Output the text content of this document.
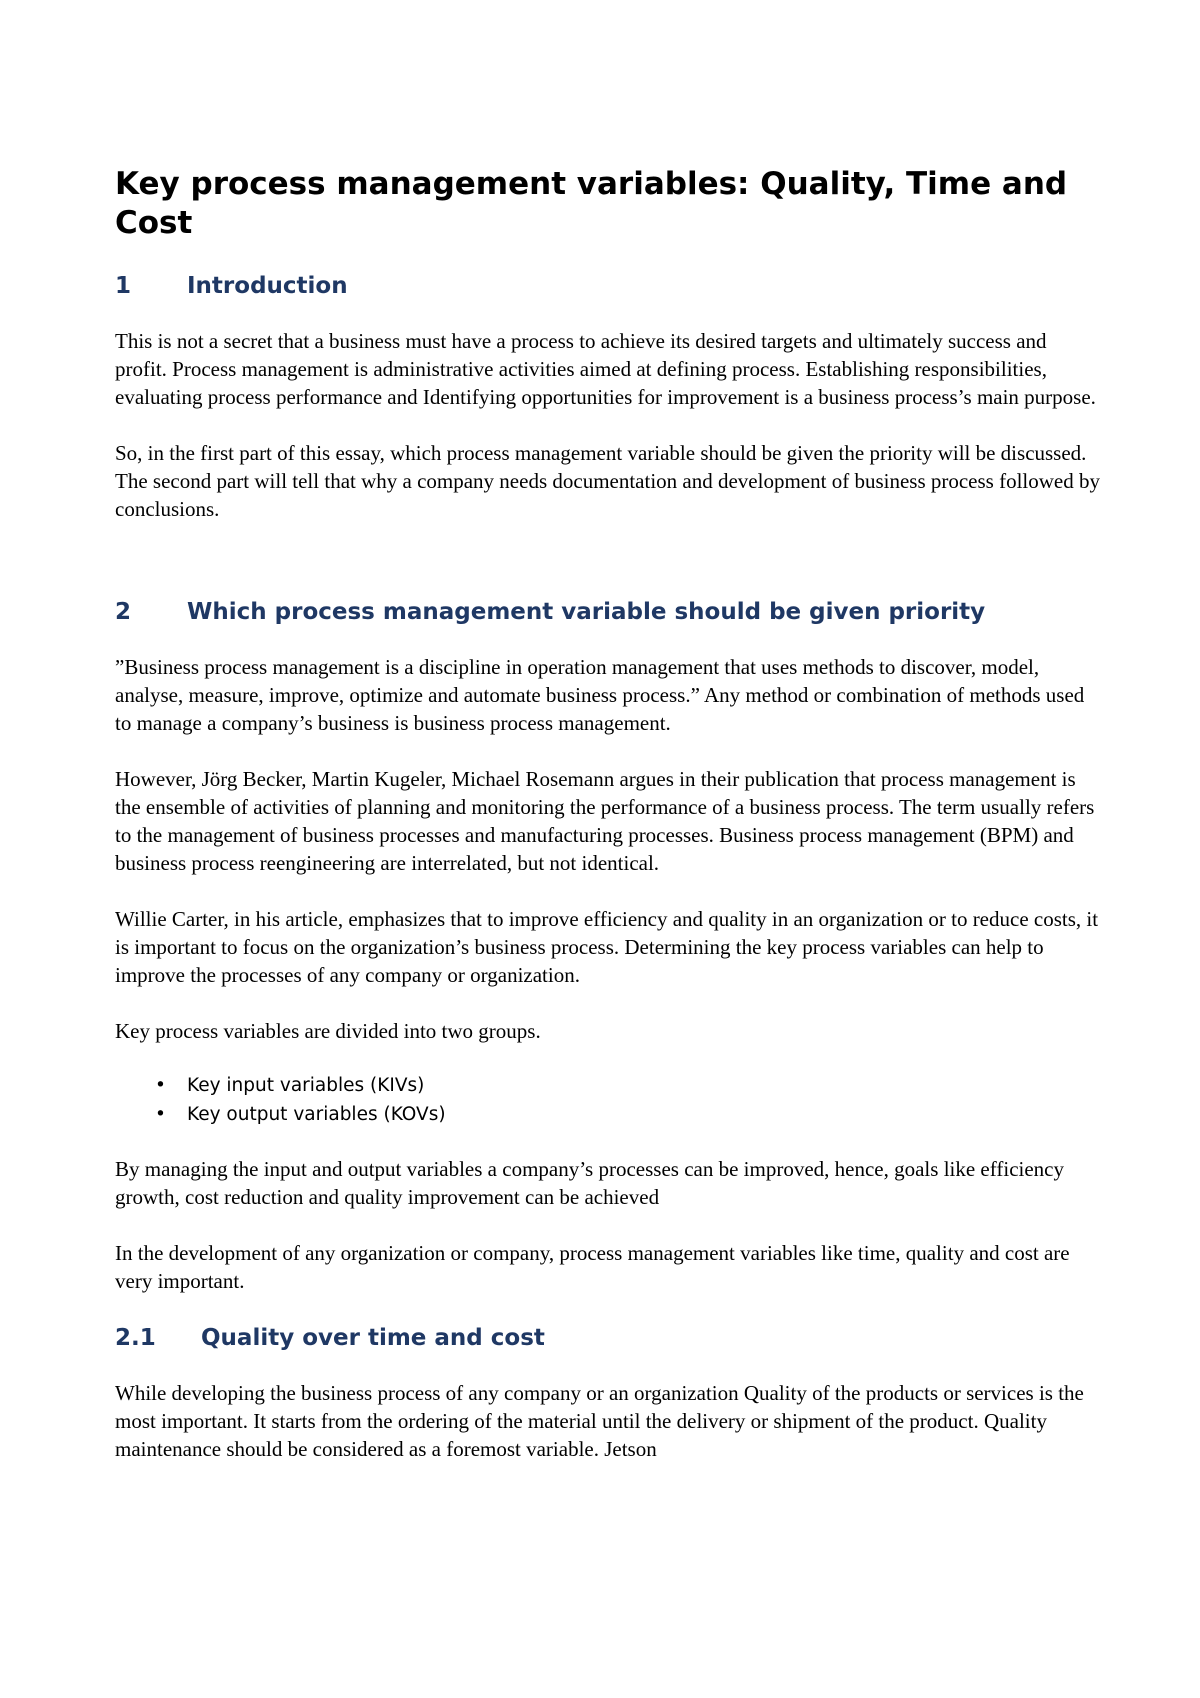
Key process management variables: Quality, Time and Cost
1 Introduction

This is not a secret that a business must have a process to achieve its desired targets and ultimately success and profit. Process management is administrative activities aimed at defining process. Establishing responsibilities, evaluating process performance and Identifying opportunities for improvement is a business process’s main purpose.

So, in the first part of this essay, which process management variable should be given the priority will be discussed. The second part will tell that why a company needs documentation and development of business process followed by conclusions.

2 Which process management variable should be given priority

”Business process management is a discipline in operation management that uses methods to discover, model, analyse, measure, improve, optimize and automate business process.” Any method or combination of methods used to manage a company’s business is business process management.

However, Jörg Becker, Martin Kugeler, Michael Rosemann argues in their publication that process management is the ensemble of activities of planning and monitoring the performance of a business process. The term usually refers to the management of business processes and manufacturing processes. Business process management (BPM) and business process reengineering are interrelated, but not identical.

Willie Carter, in his article, emphasizes that to improve efficiency and quality in an organization or to reduce costs, it is important to focus on the organization’s business process. Determining the key process variables can help to improve the processes of any company or organization.

Key process variables are divided into two groups.

• Key input variables (KIVs)
• Key output variables (KOVs)

By managing the input and output variables a company’s processes can be improved, hence, goals like efficiency growth, cost reduction and quality improvement can be achieved

In the development of any organization or company, process management variables like time, quality and cost are very important.

2.1 Quality over time and cost

While developing the business process of any company or an organization Quality of the products or services is the most important. It starts from the ordering of the material until the delivery or shipment of the product. Quality maintenance should be considered as a foremost variable. Jetson
